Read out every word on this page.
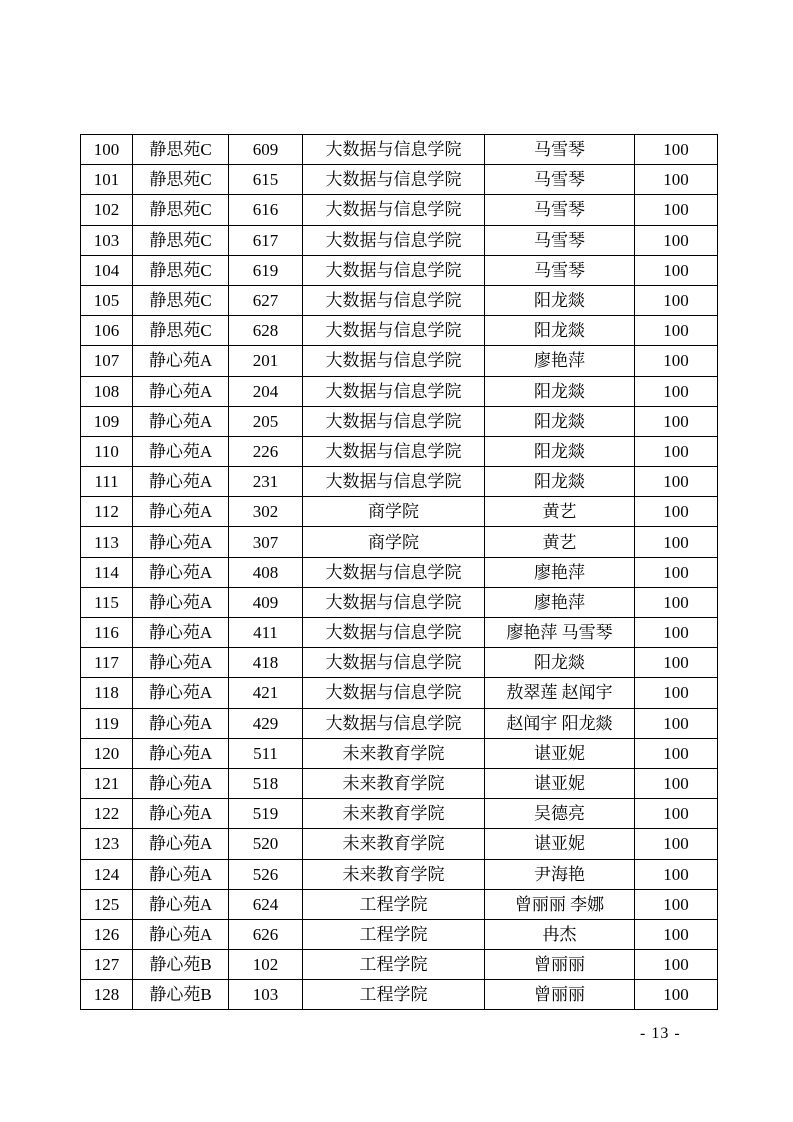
100	静思苑C	609	大数据与信息学院	马雪琴	100
101	静思苑C	615	大数据与信息学院	马雪琴	100
102	静思苑C	616	大数据与信息学院	马雪琴	100
103	静思苑C	617	大数据与信息学院	马雪琴	100
104	静思苑C	619	大数据与信息学院	马雪琴	100
105	静思苑C	627	大数据与信息学院	阳龙燚	100
106	静思苑C	628	大数据与信息学院	阳龙燚	100
107	静心苑A	201	大数据与信息学院	廖艳萍	100
108	静心苑A	204	大数据与信息学院	阳龙燚	100
109	静心苑A	205	大数据与信息学院	阳龙燚	100
110	静心苑A	226	大数据与信息学院	阳龙燚	100
111	静心苑A	231	大数据与信息学院	阳龙燚	100
112	静心苑A	302	商学院	黄艺	100
113	静心苑A	307	商学院	黄艺	100
114	静心苑A	408	大数据与信息学院	廖艳萍	100
115	静心苑A	409	大数据与信息学院	廖艳萍	100
116	静心苑A	411	大数据与信息学院	廖艳萍 马雪琴	100
117	静心苑A	418	大数据与信息学院	阳龙燚	100
118	静心苑A	421	大数据与信息学院	敖翠莲 赵闻宇	100
119	静心苑A	429	大数据与信息学院	赵闻宇 阳龙燚	100
120	静心苑A	511	未来教育学院	谌亚妮	100
121	静心苑A	518	未来教育学院	谌亚妮	100
122	静心苑A	519	未来教育学院	吴德亮	100
123	静心苑A	520	未来教育学院	谌亚妮	100
124	静心苑A	526	未来教育学院	尹海艳	100
125	静心苑A	624	工程学院	曾丽丽 李娜	100
126	静心苑A	626	工程学院	冉杰	100
127	静心苑B	102	工程学院	曾丽丽	100
128	静心苑B	103	工程学院	曾丽丽	100
- 13 -
